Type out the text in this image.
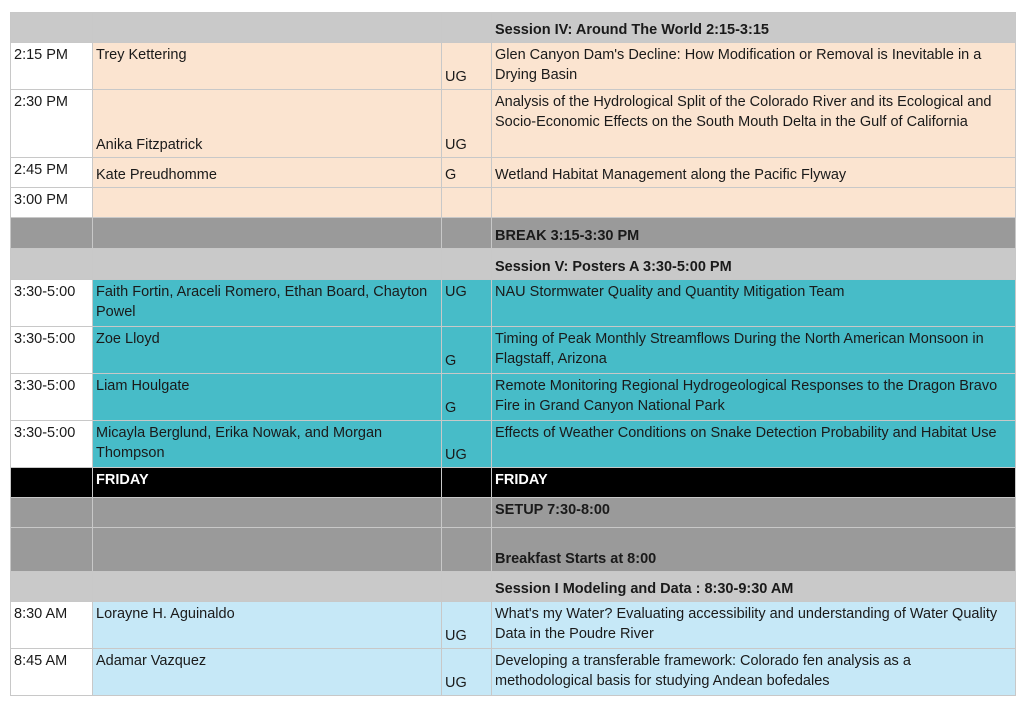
			Session IV: Around The World 2:15-3:15
2:15 PM	Trey Kettering	UG	Glen Canyon Dam's Decline: How Modification or Removal is Inevitable in a Drying Basin
2:30 PM	Anika Fitzpatrick	UG	Analysis of the Hydrological Split of the Colorado River and its Ecological and Socio-Economic Effects on the South Mouth Delta in the Gulf of California
2:45 PM	Kate Preudhomme	G	Wetland Habitat Management along the Pacific Flyway
3:00 PM			
			BREAK 3:15-3:30 PM
			Session V: Posters A 3:30-5:00 PM
3:30-5:00	Faith Fortin, Araceli Romero, Ethan Board, Chayton Powel	UG	NAU Stormwater Quality and Quantity Mitigation Team
3:30-5:00	Zoe Lloyd	G	Timing of Peak Monthly Streamflows During the North American Monsoon in Flagstaff, Arizona
3:30-5:00	Liam Houlgate	G	Remote Monitoring Regional Hydrogeological Responses to the Dragon Bravo Fire in Grand Canyon National Park
3:30-5:00	Micayla Berglund, Erika Nowak, and Morgan Thompson	UG	Effects of Weather Conditions on Snake Detection Probability and Habitat Use
	FRIDAY		FRIDAY
			SETUP 7:30-8:00
			Breakfast Starts at 8:00
			Session I Modeling and Data : 8:30-9:30 AM
8:30 AM	Lorayne H. Aguinaldo	UG	What's my Water? Evaluating accessibility and understanding of Water Quality Data in the Poudre River
8:45 AM	Adamar Vazquez	UG	Developing a transferable framework: Colorado fen analysis as a methodological basis for studying Andean bofedales
